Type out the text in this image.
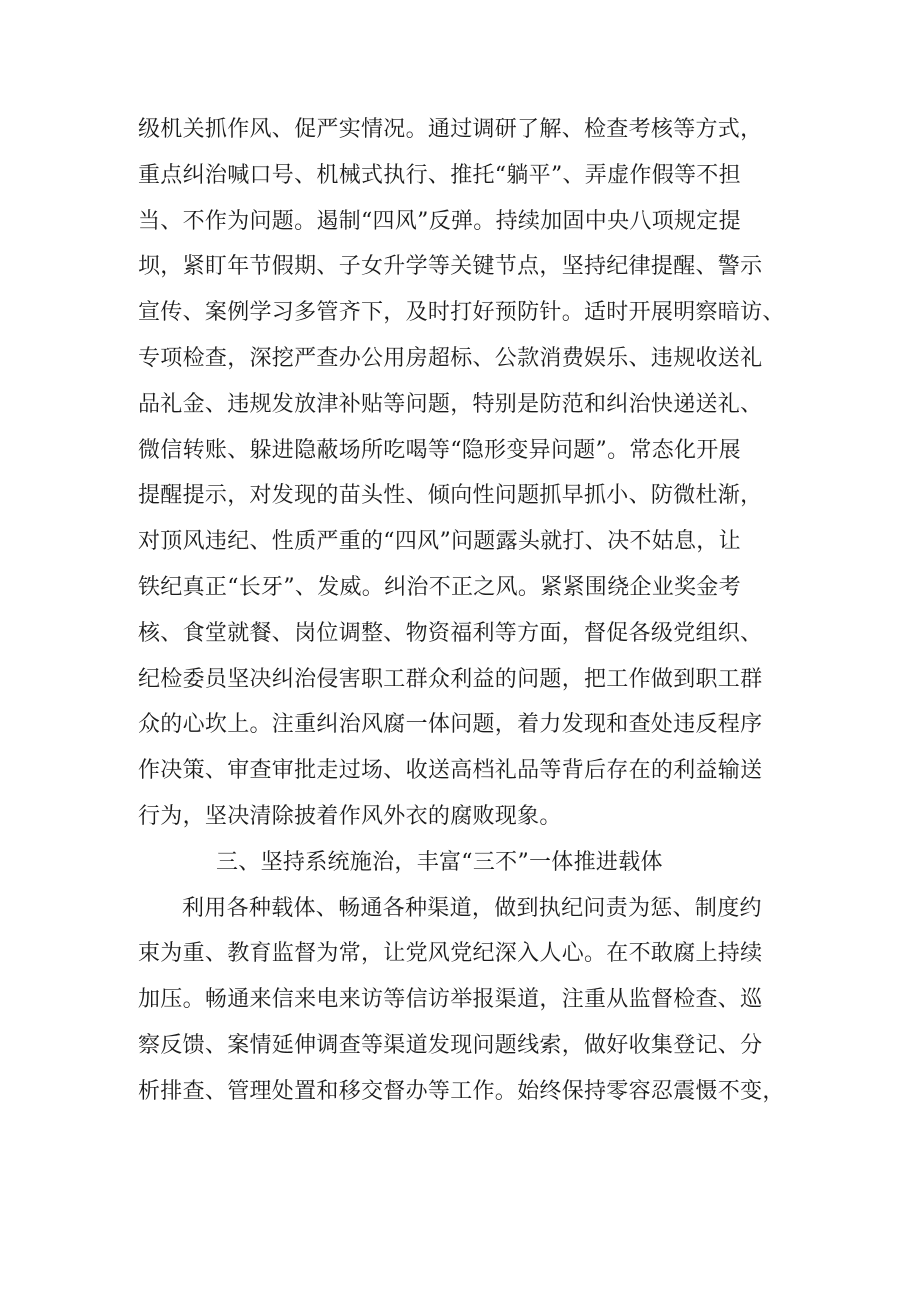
级机关抓作风、促严实情况。通过调研了解、检查考核等方式，
重点纠治喊口号、机械式执行、推托“躺平”、弄虚作假等不担
当、不作为问题。遏制“四风”反弹。持续加固中央八项规定提
坝，紧盯年节假期、子女升学等关键节点，坚持纪律提醒、警示
宣传、案例学习多管齐下，及时打好预防针。适时开展明察暗访、
专项检查，深挖严查办公用房超标、公款消费娱乐、违规收送礼
品礼金、违规发放津补贴等问题，特别是防范和纠治快递送礼、
微信转账、躲进隐蔽场所吃喝等“隐形变异问题”。常态化开展
提醒提示，对发现的苗头性、倾向性问题抓早抓小、防微杜渐，
对顶风违纪、性质严重的“四风”问题露头就打、决不姑息，让
铁纪真正“长牙”、发威。纠治不正之风。紧紧围绕企业奖金考
核、食堂就餐、岗位调整、物资福利等方面，督促各级党组织、
纪检委员坚决纠治侵害职工群众利益的问题，把工作做到职工群
众的心坎上。注重纠治风腐一体问题，着力发现和查处违反程序
作决策、审查审批走过场、收送高档礼品等背后存在的利益输送
行为，坚决清除披着作风外衣的腐败现象。
三、坚持系统施治，丰富“三不”一体推进载体
利用各种载体、畅通各种渠道，做到执纪问责为惩、制度约
束为重、教育监督为常，让党风党纪深入人心。在不敢腐上持续
加压。畅通来信来电来访等信访举报渠道，注重从监督检查、巡
察反馈、案情延伸调查等渠道发现问题线索，做好收集登记、分
析排查、管理处置和移交督办等工作。始终保持零容忍震慑不变，
